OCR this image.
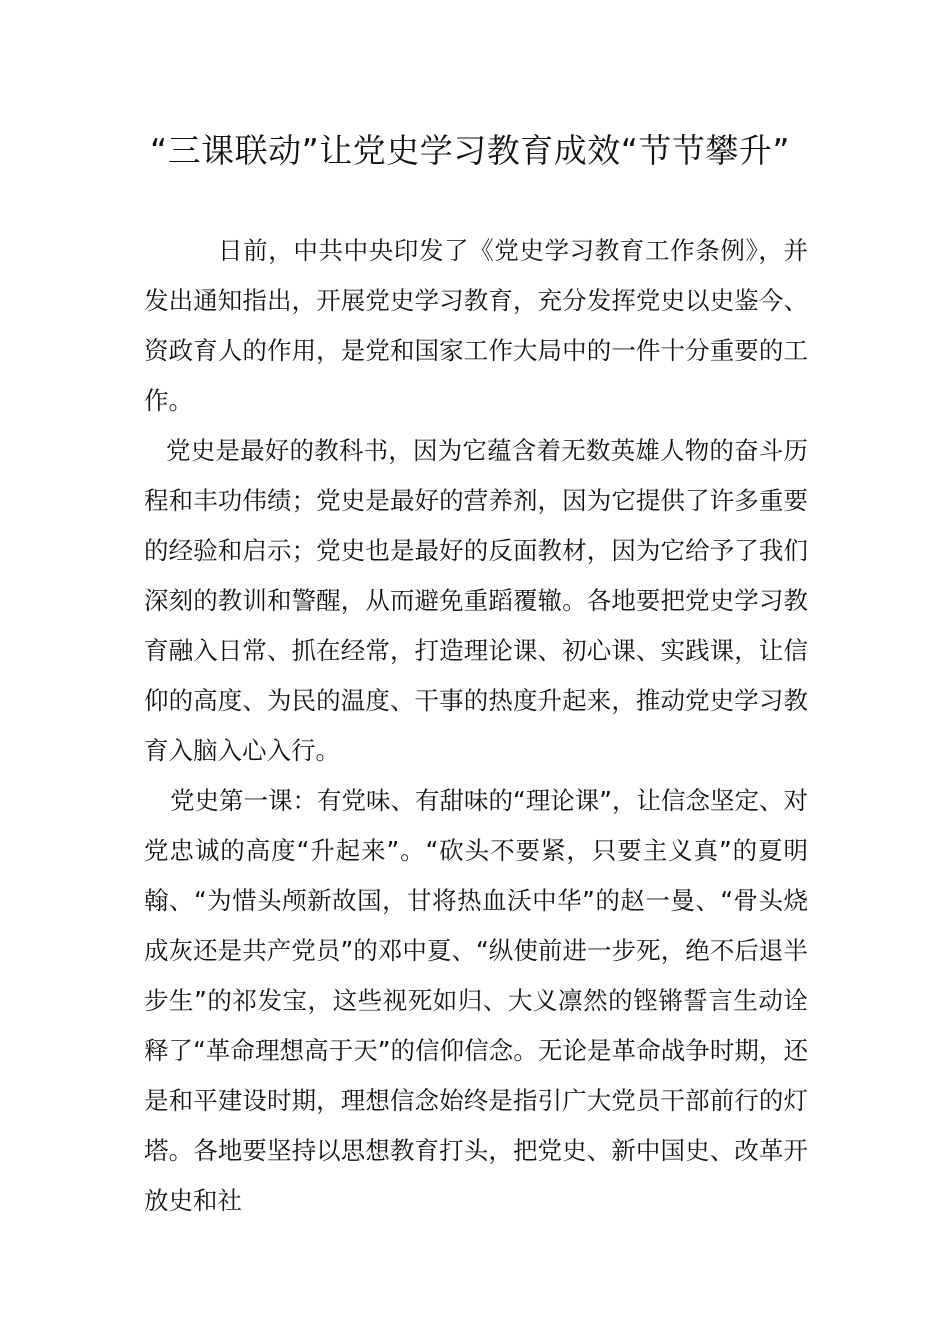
“三课联动”让党史学习教育成效“节节攀升”

日前，中共中央印发了《党史学习教育工作条例》，并发出通知指出，开展党史学习教育，充分发挥党史以史鉴今、资政育人的作用，是党和国家工作大局中的一件十分重要的工作。

党史是最好的教科书，因为它蕴含着无数英雄人物的奋斗历程和丰功伟绩；党史是最好的营养剂，因为它提供了许多重要的经验和启示；党史也是最好的反面教材，因为它给予了我们深刻的教训和警醒，从而避免重蹈覆辙。各地要把党史学习教育融入日常、抓在经常，打造理论课、初心课、实践课，让信仰的高度、为民的温度、干事的热度升起来，推动党史学习教育入脑入心入行。

党史第一课：有党味、有甜味的“理论课”，让信念坚定、对党忠诚的高度“升起来”。“砍头不要紧，只要主义真”的夏明翰、“为惜头颅新故国，甘将热血沃中华”的赵一曼、“骨头烧成灰还是共产党员”的邓中夏、“纵使前进一步死，绝不后退半步生”的祁发宝，这些视死如归、大义凛然的铿锵誓言生动诠释了“革命理想高于天”的信仰信念。无论是革命战争时期，还是和平建设时期，理想信念始终是指引广大党员干部前行的灯塔。各地要坚持以思想教育打头，把党史、新中国史、改革开放史和社
